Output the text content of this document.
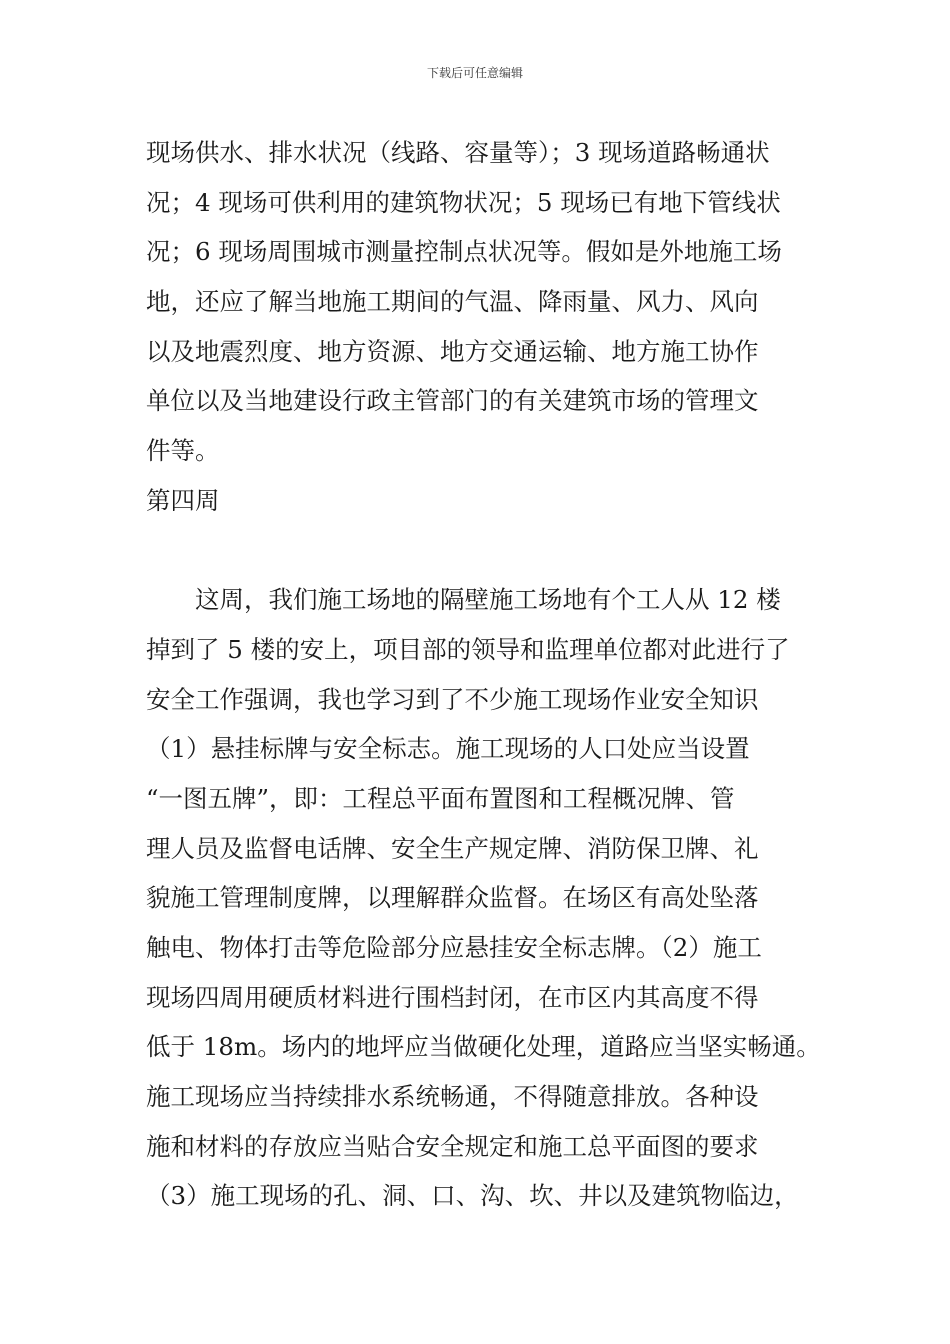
下载后可任意编辑
现场供水、排水状况（线路、容量等）；3 现场道路畅通状
况；4 现场可供利用的建筑物状况；5 现场已有地下管线状
况；6 现场周围城市测量控制点状况等。假如是外地施工场
地，还应了解当地施工期间的气温、降雨量、风力、风向
以及地震烈度、地方资源、地方交通运输、地方施工协作
单位以及当地建设行政主管部门的有关建筑市场的管理文
件等。
第四周
　　这周，我们施工场地的隔壁施工场地有个工人从 12 楼
掉到了 5 楼的安上，项目部的领导和监理单位都对此进行了
安全工作强调，我也学习到了不少施工现场作业安全知识
（1）悬挂标牌与安全标志。施工现场的人口处应当设置
“一图五牌”，即：工程总平面布置图和工程概况牌、管
理人员及监督电话牌、安全生产规定牌、消防保卫牌、礼
貌施工管理制度牌，以理解群众监督。在场区有高处坠落
触电、物体打击等危险部分应悬挂安全标志牌。（2）施工
现场四周用硬质材料进行围档封闭，在市区内其高度不得
低于 18m。场内的地坪应当做硬化处理，道路应当坚实畅通。
施工现场应当持续排水系统畅通，不得随意排放。各种设
施和材料的存放应当贴合安全规定和施工总平面图的要求
（3）施工现场的孔、洞、口、沟、坎、井以及建筑物临边，
